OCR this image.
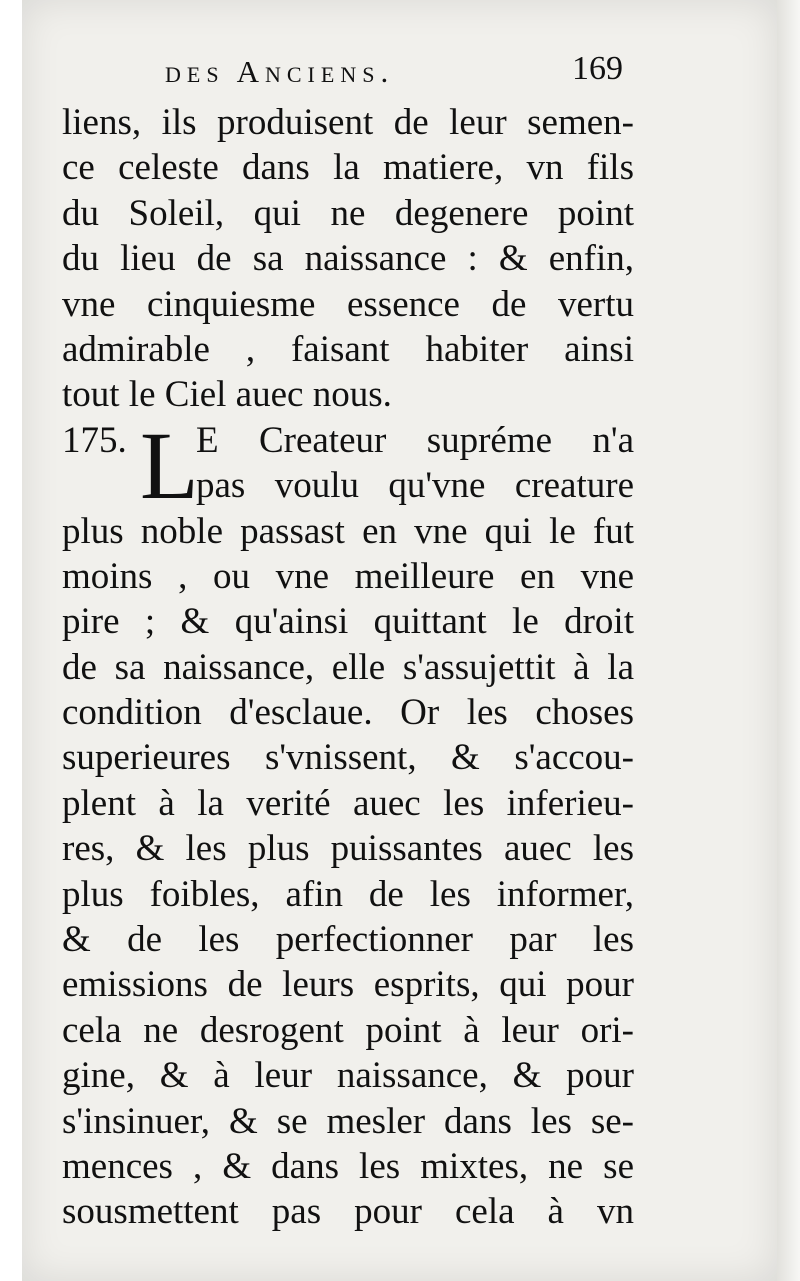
des Anciens.	169
liens, ils produisent de leur semen-
ce celeste dans la matiere, vn fils
du Soleil, qui ne degenere point
du lieu de sa naissance : & enfin,
vne cinquiesme essence de vertu
admirable , faisant habiter ainsi
tout le Ciel auec nous.
175. L
E Createur supréme n'a
pas voulu qu'vne creature
plus noble passast en vne qui le fut
moins , ou vne meilleure en vne
pire ; & qu'ainsi quittant le droit
de sa naissance, elle s'assujettit à la
condition d'esclaue. Or les choses
superieures s'vnissent, & s'accou-
plent à la verité auec les inferieu-
res, & les plus puissantes auec les
plus foibles, afin de les informer,
& de les perfectionner par les
emissions de leurs esprits, qui pour
cela ne desrogent point à leur ori-
gine, & à leur naissance, & pour
s'insinuer, & se mesler dans les se-
mences , & dans les mixtes, ne se
sousmettent pas pour cela à vn
